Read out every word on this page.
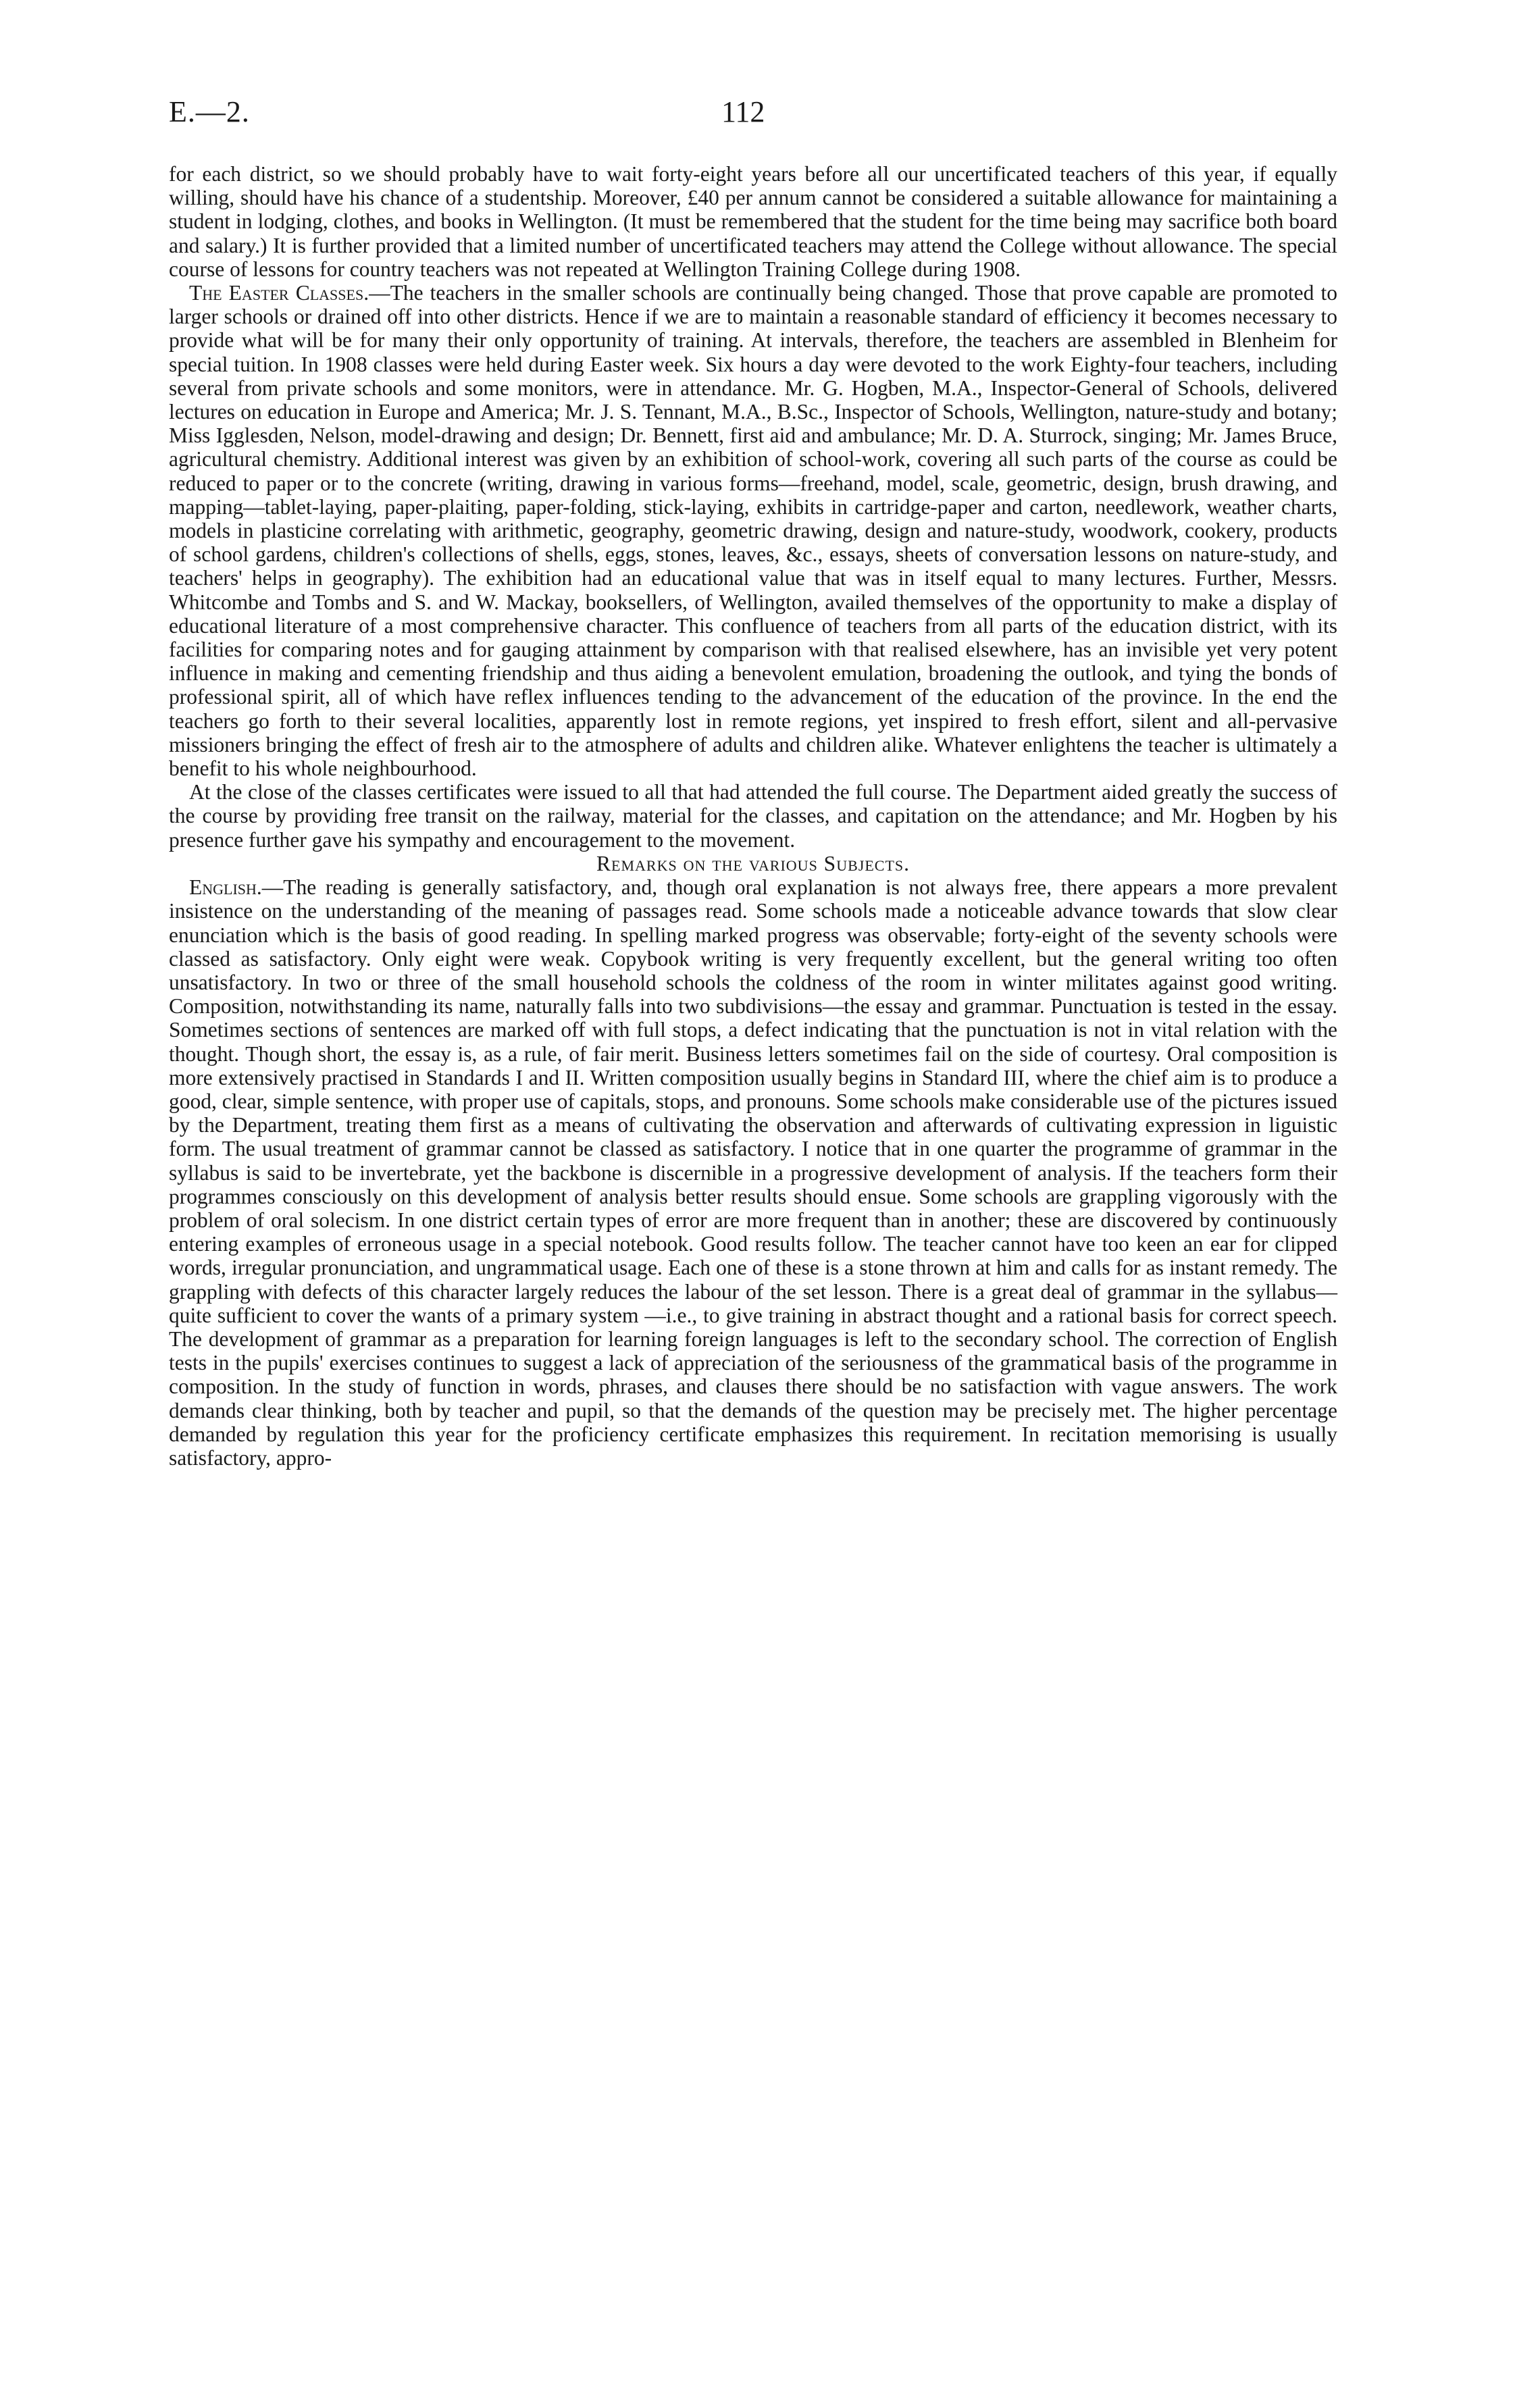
E.—2.	112

for each district, so we should probably have to wait forty-eight years before all our uncertificated teachers of this year, if equally willing, should have his chance of a studentship. Moreover, £40 per annum cannot be considered a suitable allowance for maintaining a student in lodging, clothes, and books in Wellington. (It must be remembered that the student for the time being may sacrifice both board and salary.) It is further provided that a limited number of uncertificated teachers may attend the College without allowance. The special course of lessons for country teachers was not repeated at Wellington Training College during 1908.

The Easter Classes.—The teachers in the smaller schools are continually being changed. Those that prove capable are promoted to larger schools or drained off into other districts. Hence if we are to maintain a reasonable standard of efficiency it becomes necessary to provide what will be for many their only opportunity of training. At intervals, therefore, the teachers are assembled in Blenheim for special tuition. In 1908 classes were held during Easter week. Six hours a day were devoted to the work Eighty-four teachers, including several from private schools and some monitors, were in attendance. Mr. G. Hogben, M.A., Inspector-General of Schools, delivered lectures on education in Europe and America; Mr. J. S. Tennant, M.A., B.Sc., Inspector of Schools, Wellington, nature-study and botany; Miss Igglesden, Nelson, model-drawing and design; Dr. Bennett, first aid and ambulance; Mr. D. A. Sturrock, singing; Mr. James Bruce, agricultural chemistry. Additional interest was given by an exhibition of school-work, covering all such parts of the course as could be reduced to paper or to the concrete (writing, drawing in various forms—freehand, model, scale, geometric, design, brush drawing, and mapping—tablet-laying, paper-plaiting, paper-folding, stick-laying, exhibits in cartridge-paper and carton, needlework, weather charts, models in plasticine correlating with arithmetic, geography, geometric drawing, design and nature-study, woodwork, cookery, products of school gardens, children's collections of shells, eggs, stones, leaves, &c., essays, sheets of conversation lessons on nature-study, and teachers' helps in geography). The exhibition had an educational value that was in itself equal to many lectures. Further, Messrs. Whitcombe and Tombs and S. and W. Mackay, booksellers, of Wellington, availed themselves of the opportunity to make a display of educational literature of a most comprehensive character. This confluence of teachers from all parts of the education district, with its facilities for comparing notes and for gauging attainment by comparison with that realised elsewhere, has an invisible yet very potent influence in making and cementing friendship and thus aiding a benevolent emulation, broadening the outlook, and tying the bonds of professional spirit, all of which have reflex influences tending to the advancement of the education of the province. In the end the teachers go forth to their several localities, apparently lost in remote regions, yet inspired to fresh effort, silent and all-pervasive missioners bringing the effect of fresh air to the atmosphere of adults and children alike. Whatever enlightens the teacher is ultimately a benefit to his whole neighbourhood.

At the close of the classes certificates were issued to all that had attended the full course. The Department aided greatly the success of the course by providing free transit on the railway, material for the classes, and capitation on the attendance; and Mr. Hogben by his presence further gave his sympathy and encouragement to the movement.

Remarks on the various Subjects.

English.—The reading is generally satisfactory, and, though oral explanation is not always free, there appears a more prevalent insistence on the understanding of the meaning of passages read. Some schools made a noticeable advance towards that slow clear enunciation which is the basis of good reading. In spelling marked progress was observable; forty-eight of the seventy schools were classed as satisfactory. Only eight were weak. Copybook writing is very frequently excellent, but the general writing too often unsatisfactory. In two or three of the small household schools the coldness of the room in winter militates against good writing. Composition, notwithstanding its name, naturally falls into two subdivisions—the essay and grammar. Punctuation is tested in the essay. Sometimes sections of sentences are marked off with full stops, a defect indicating that the punctuation is not in vital relation with the thought. Though short, the essay is, as a rule, of fair merit. Business letters sometimes fail on the side of courtesy. Oral composition is more extensively practised in Standards I and II. Written composition usually begins in Standard III, where the chief aim is to produce a good, clear, simple sentence, with proper use of capitals, stops, and pronouns. Some schools make considerable use of the pictures issued by the Department, treating them first as a means of cultivating the observation and afterwards of cultivating expression in liguistic form. The usual treatment of grammar cannot be classed as satisfactory. I notice that in one quarter the programme of grammar in the syllabus is said to be invertebrate, yet the backbone is discernible in a progressive development of analysis. If the teachers form their programmes consciously on this development of analysis better results should ensue. Some schools are grappling vigorously with the problem of oral solecism. In one district certain types of error are more frequent than in another; these are discovered by continuously entering examples of erroneous usage in a special notebook. Good results follow. The teacher cannot have too keen an ear for clipped words, irregular pronunciation, and ungrammatical usage. Each one of these is a stone thrown at him and calls for as instant remedy. The grappling with defects of this character largely reduces the labour of the set lesson. There is a great deal of grammar in the syllabus—quite sufficient to cover the wants of a primary system —i.e., to give training in abstract thought and a rational basis for correct speech. The development of grammar as a preparation for learning foreign languages is left to the secondary school. The correction of English tests in the pupils' exercises continues to suggest a lack of appreciation of the seriousness of the grammatical basis of the programme in composition. In the study of function in words, phrases, and clauses there should be no satisfaction with vague answers. The work demands clear thinking, both by teacher and pupil, so that the demands of the question may be precisely met. The higher percentage demanded by regulation this year for the proficiency certificate emphasizes this requirement. In recitation memorising is usually satisfactory, appro-
